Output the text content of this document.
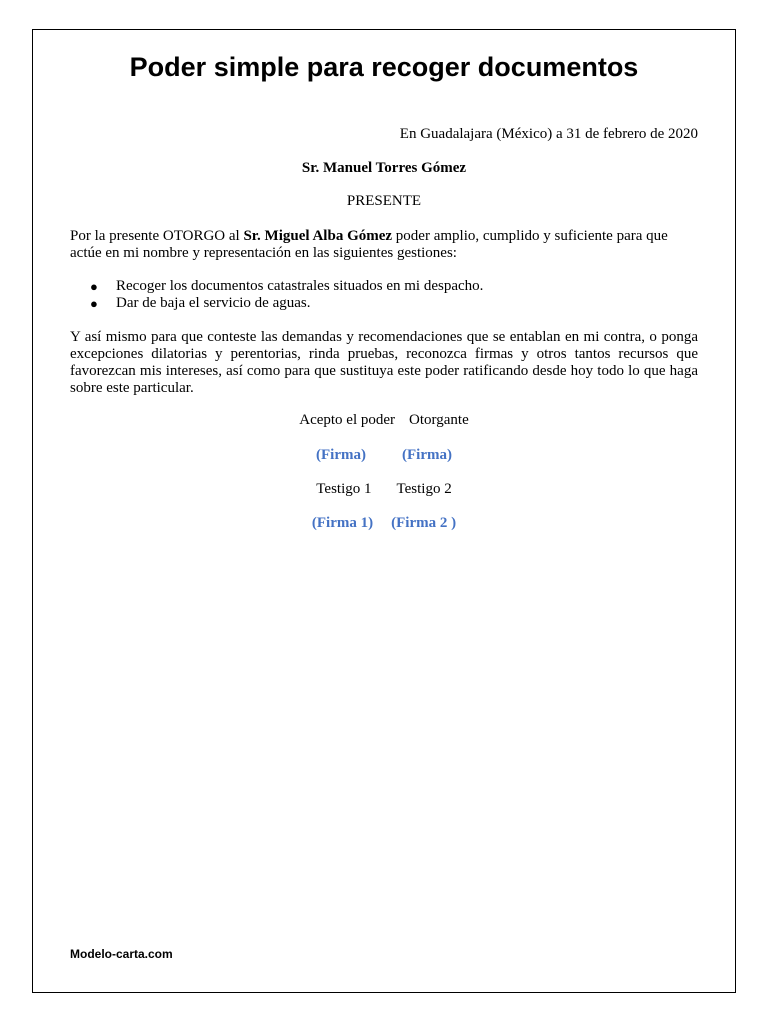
Poder simple para recoger documentos
En Guadalajara (México) a 31 de febrero de 2020
Sr. Manuel Torres Gómez
PRESENTE
Por la presente OTORGO al Sr. Miguel Alba Gómez poder amplio, cumplido y suficiente para que actúe en mi nombre y representación en las siguientes gestiones:
● Recoger los documentos catastrales situados en mi despacho.
● Dar de baja el servicio de aguas.
Y así mismo para que conteste las demandas y recomendaciones que se entablan en mi contra, o ponga excepciones dilatorias y perentorias, rinda pruebas, reconozca firmas y otros tantos recursos que favorezcan mis intereses, así como para que sustituya este poder ratificando desde hoy todo lo que haga sobre este particular.
Acepto el poder Otorgante
(Firma) (Firma)
Testigo 1 Testigo 2
(Firma 1) (Firma 2 )
Modelo-carta.com
